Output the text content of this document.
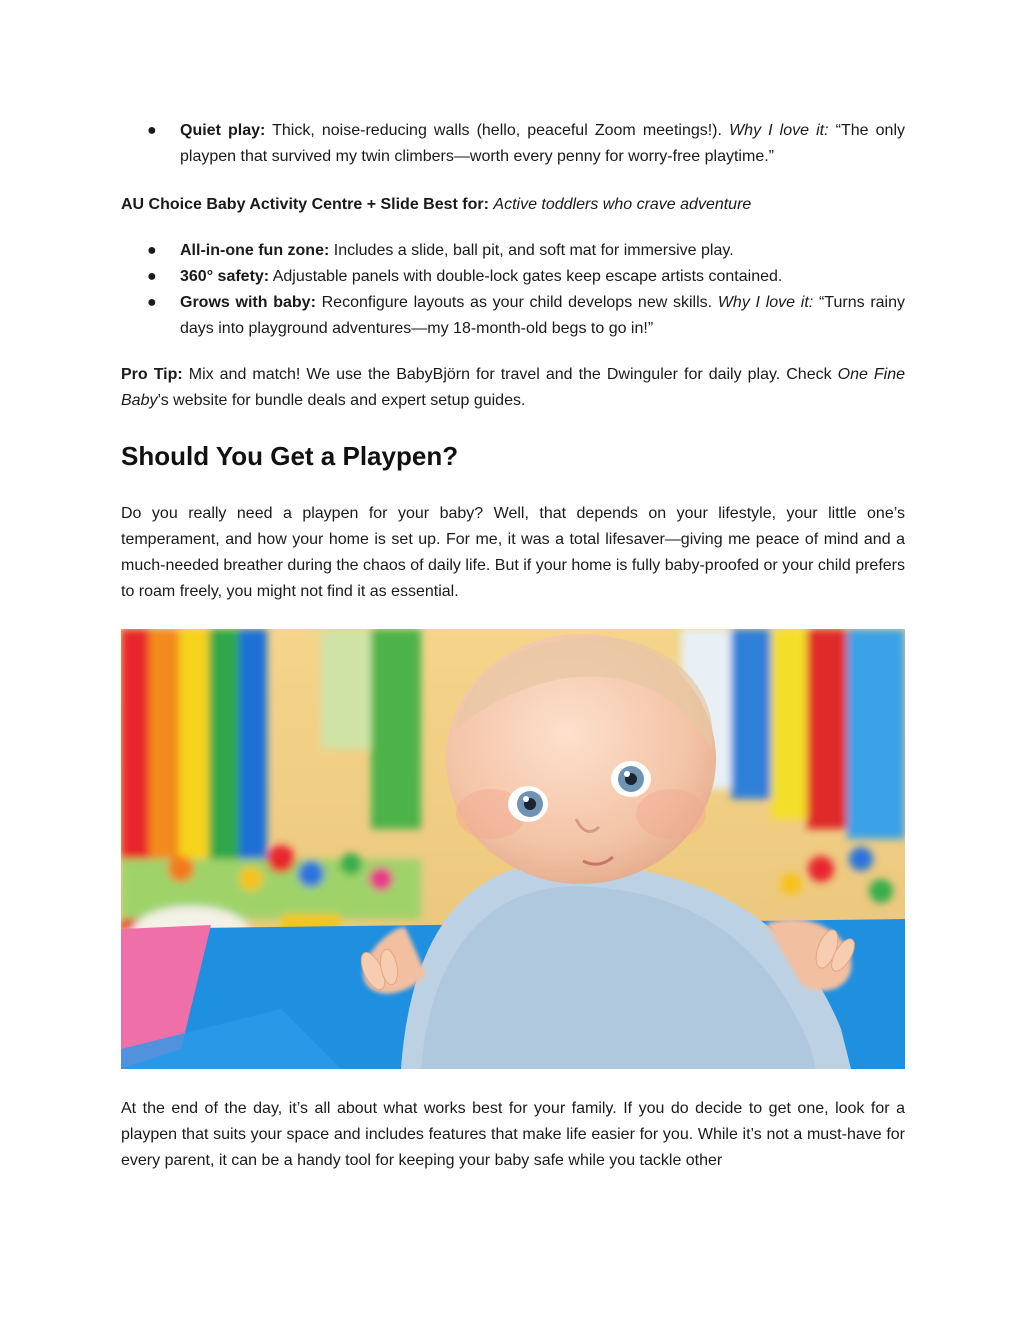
●	Quiet play: Thick, noise-reducing walls (hello, peaceful Zoom meetings!). Why I love it: “The only playpen that survived my twin climbers—worth every penny for worry-free playtime.”
AU Choice Baby Activity Centre + Slide Best for: Active toddlers who crave adventure
●	All-in-one fun zone: Includes a slide, ball pit, and soft mat for immersive play.
●	360° safety: Adjustable panels with double-lock gates keep escape artists contained.
●	Grows with baby: Reconfigure layouts as your child develops new skills. Why I love it: “Turns rainy days into playground adventures—my 18-month-old begs to go in!”
Pro Tip: Mix and match! We use the BabyBjörn for travel and the Dwinguler for daily play. Check One Fine Baby’s website for bundle deals and expert setup guides.
Should You Get a Playpen?
Do you really need a playpen for your baby? Well, that depends on your lifestyle, your little one’s temperament, and how your home is set up. For me, it was a total lifesaver—giving me peace of mind and a much-needed breather during the chaos of daily life. But if your home is fully baby-proofed or your child prefers to roam freely, you might not find it as essential.
At the end of the day, it’s all about what works best for your family. If you do decide to get one, look for a playpen that suits your space and includes features that make life easier for you. While it’s not a must-have for every parent, it can be a handy tool for keeping your baby safe while you tackle other
